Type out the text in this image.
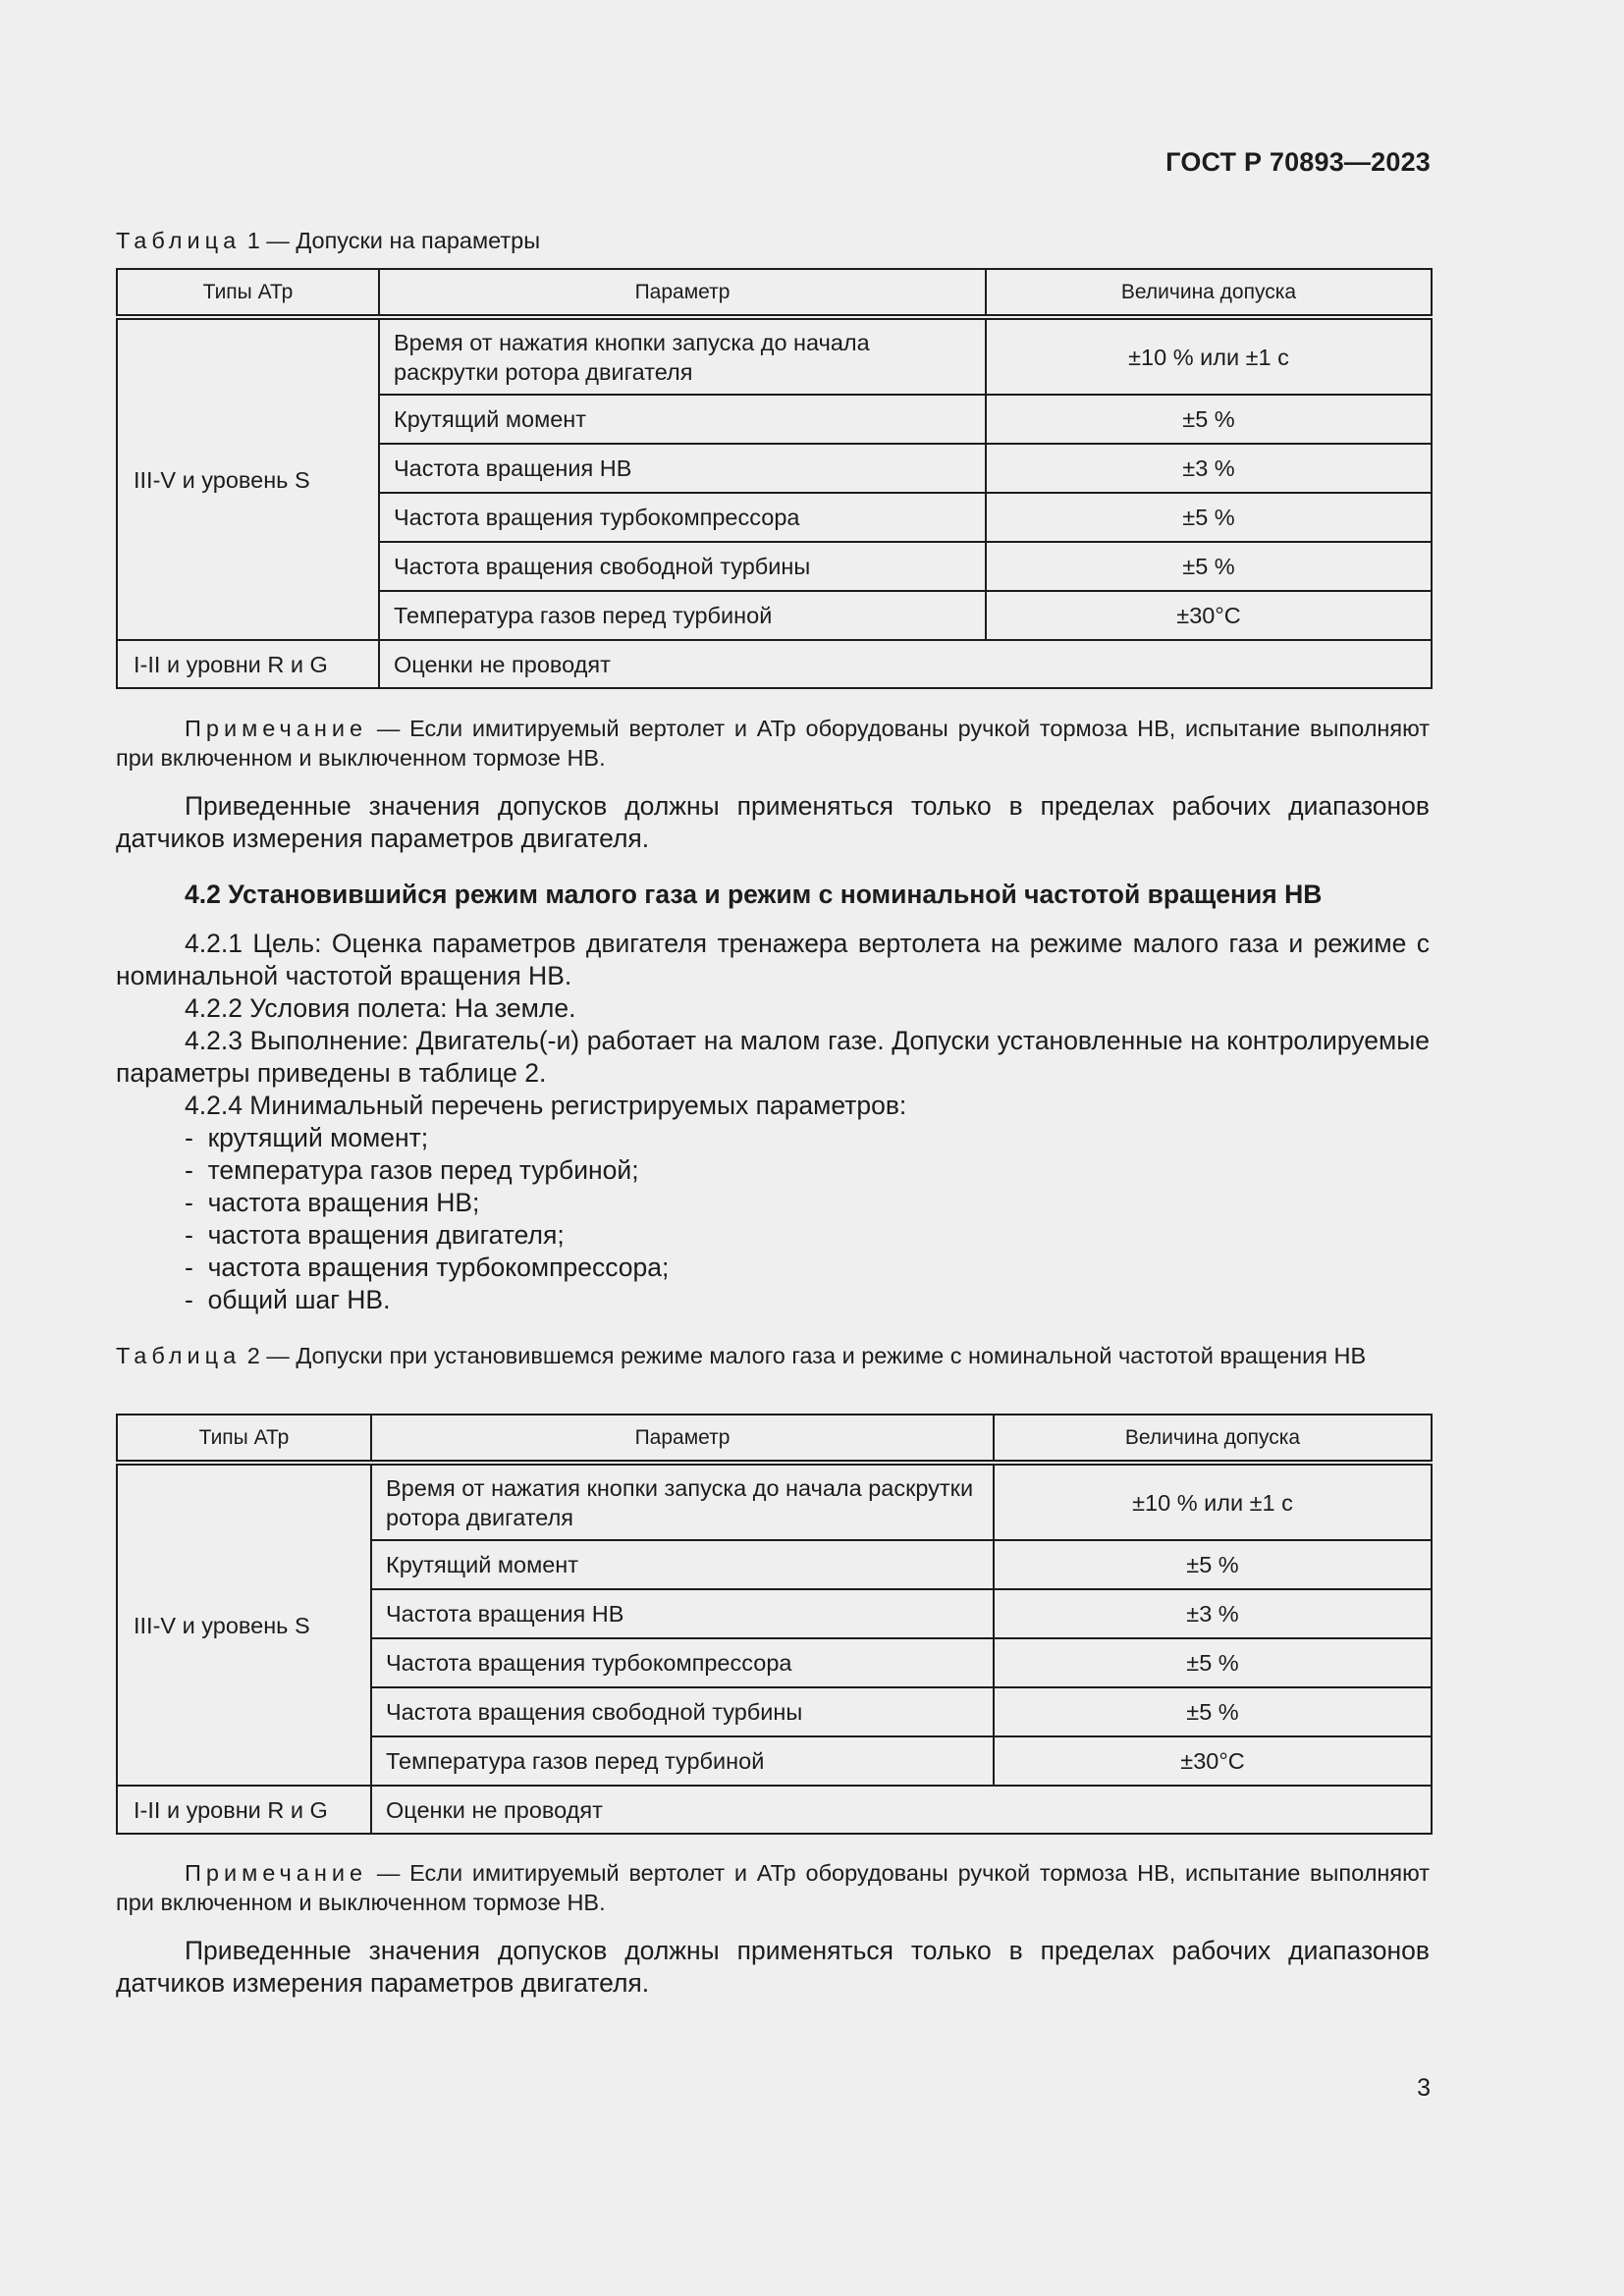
ГОСТ Р 70893—2023
Таблица 1 — Допуски на параметры
Типы АТр	Параметр	Величина допуска
III-V и уровень S	Время от нажатия кнопки запуска до начала раскрутки ротора двигателя	±10 % или ±1 с
	Крутящий момент	±5 %
	Частота вращения НВ	±3 %
	Частота вращения турбокомпрессора	±5 %
	Частота вращения свободной турбины	±5 %
	Температура газов перед турбиной	±30°C
I-II и уровни R и G	Оценки не проводят	
Примечание — Если имитируемый вертолет и АТр оборудованы ручкой тормоза НВ, испытание выполняют при включенном и выключенном тормозе НВ.
Приведенные значения допусков должны применяться только в пределах рабочих диапазонов датчиков измерения параметров двигателя.
4.2 Установившийся режим малого газа и режим с номинальной частотой вращения НВ
4.2.1 Цель: Оценка параметров двигателя тренажера вертолета на режиме малого газа и режиме с номинальной частотой вращения НВ.
4.2.2 Условия полета: На земле.
4.2.3 Выполнение: Двигатель(-и) работает на малом газе. Допуски установленные на контролируемые параметры приведены в таблице 2.
4.2.4 Минимальный перечень регистрируемых параметров:
-  крутящий момент;
-  температура газов перед турбиной;
-  частота вращения НВ;
-  частота вращения двигателя;
-  частота вращения турбокомпрессора;
-  общий шаг НВ.
Таблица 2 — Допуски при установившемся режиме малого газа и режиме с номинальной частотой вращения НВ
Типы АТр	Параметр	Величина допуска
III-V и уровень S	Время от нажатия кнопки запуска до начала раскрутки ротора двигателя	±10 % или ±1 с
	Крутящий момент	±5 %
	Частота вращения НВ	±3 %
	Частота вращения турбокомпрессора	±5 %
	Частота вращения свободной турбины	±5 %
	Температура газов перед турбиной	±30°C
I-II и уровни R и G	Оценки не проводят	
Примечание — Если имитируемый вертолет и АТр оборудованы ручкой тормоза НВ, испытание выполняют при включенном и выключенном тормозе НВ.
Приведенные значения допусков должны применяться только в пределах рабочих диапазонов датчиков измерения параметров двигателя.
3
